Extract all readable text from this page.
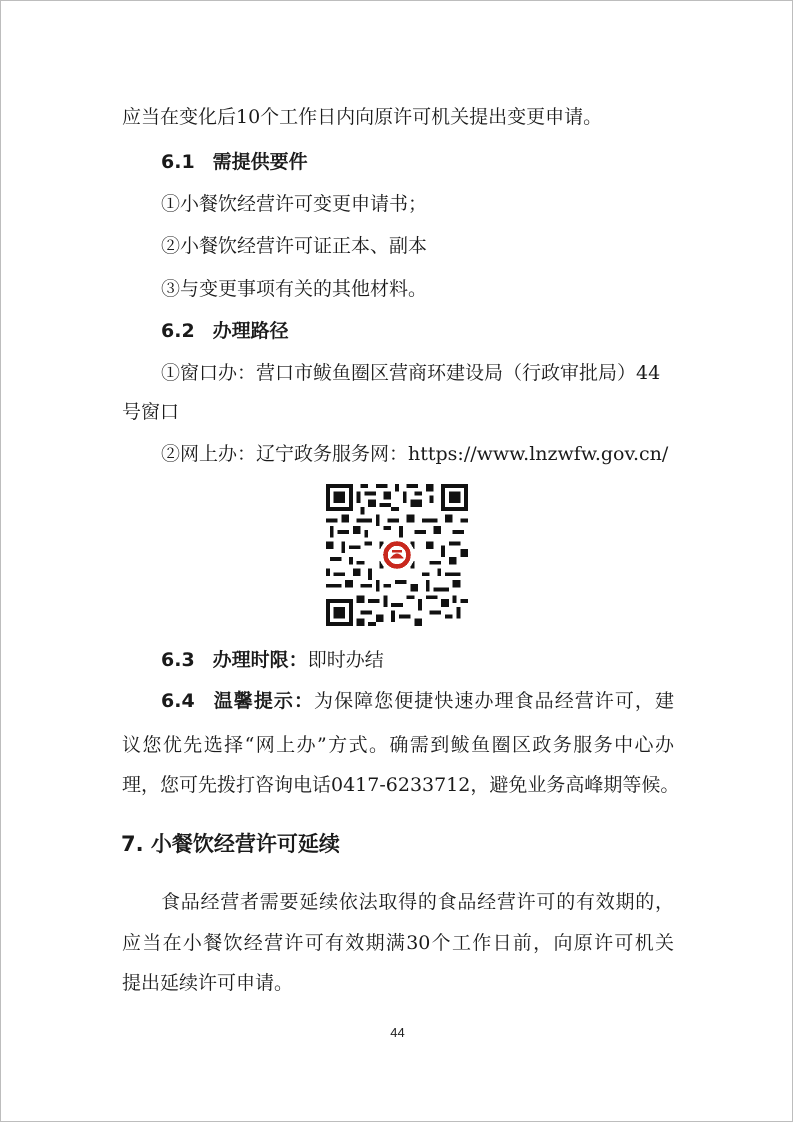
应当在变化后10个工作日内向原许可机关提出变更申请。
6.1 需提供要件
①小餐饮经营许可变更申请书；
②小餐饮经营许可证正本、副本
③与变更事项有关的其他材料。
6.2 办理路径
①窗口办：营口市鲅鱼圈区营商环建设局（行政审批局）44
号窗口
②网上办：辽宁政务服务网：https://www.lnzwfw.gov.cn/
6.3 办理时限：即时办结
6.4 温馨提示：为保障您便捷快速办理食品经营许可，建
议您优先选择“网上办”方式。确需到鲅鱼圈区政务服务中心办
理，您可先拨打咨询电话0417-6233712，避免业务高峰期等候。
7. 小餐饮经营许可延续
食品经营者需要延续依法取得的食品经营许可的有效期的，
应当在小餐饮经营许可有效期满30个工作日前，向原许可机关
提出延续许可申请。
44
